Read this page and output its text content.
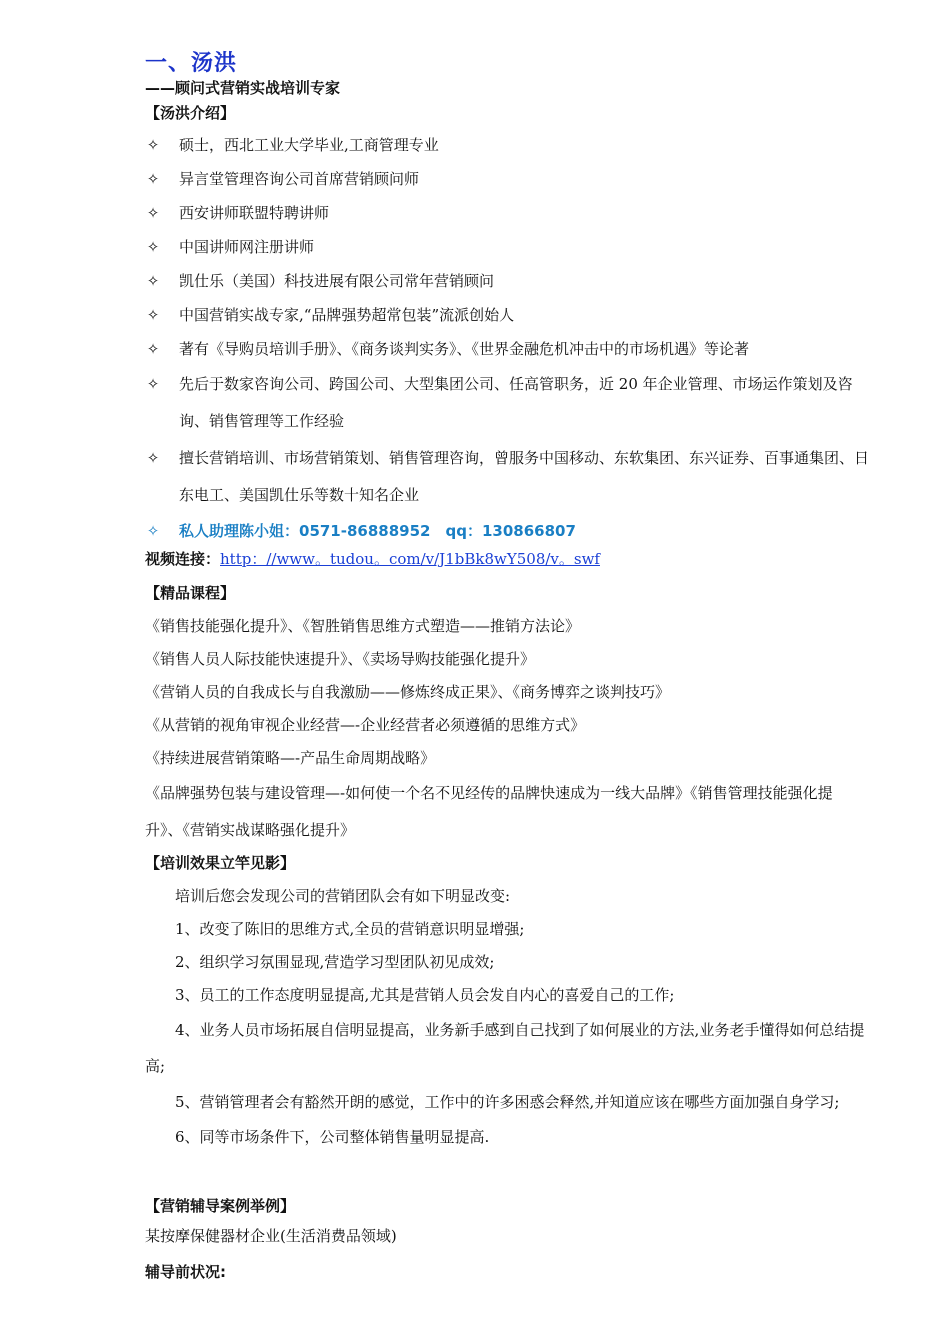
一、汤洪
——顾问式营销实战培训专家
【汤洪介绍】
✧ 硕士，西北工业大学毕业,工商管理专业
✧ 异言堂管理咨询公司首席营销顾问师
✧ 西安讲师联盟特聘讲师
✧ 中国讲师网注册讲师
✧ 凯仕乐（美国）科技进展有限公司常年营销顾问
✧ 中国营销实战专家,“品牌强势超常包装”流派创始人
✧ 著有《导购员培训手册》、《商务谈判实务》、《世界金融危机冲击中的市场机遇》等论著
✧ 先后于数家咨询公司、跨国公司、大型集团公司、任高管职务，近 20 年企业管理、市场运作策划及咨询、销售管理等工作经验
✧ 擅长营销培训、市场营销策划、销售管理咨询，曾服务中国移动、东软集团、东兴证券、百事通集团、日东电工、美国凯仕乐等数十知名企业
✧ 私人助理陈小姐：0571-86888952　qq：130866807
视频连接：http：//www。tudou。com/v/J1bBk8wY508/v。swf
【精品课程】
《销售技能强化提升》、《智胜销售思维方式塑造——推销方法论》
《销售人员人际技能快速提升》、《卖场导购技能强化提升》
《营销人员的自我成长与自我激励——修炼终成正果》、《商务博弈之谈判技巧》
《从营销的视角审视企业经营—-企业经营者必须遵循的思维方式》
《持续进展营销策略—-产品生命周期战略》
《品牌强势包装与建设管理—-如何使一个名不见经传的品牌快速成为一线大品牌》《销售管理技能强化提升》、《营销实战谋略强化提升》
【培训效果立竿见影】
培训后您会发现公司的营销团队会有如下明显改变:
1、改变了陈旧的思维方式,全员的营销意识明显增强;
2、组织学习氛围显现,营造学习型团队初见成效;
3、员工的工作态度明显提高,尤其是营销人员会发自内心的喜爱自己的工作;
4、业务人员市场拓展自信明显提高，业务新手感到自己找到了如何展业的方法,业务老手懂得如何总结提高;
5、营销管理者会有豁然开朗的感觉，工作中的许多困惑会释然,并知道应该在哪些方面加强自身学习;
6、同等市场条件下，公司整体销售量明显提高.
【营销辅导案例举例】
某按摩保健器材企业(生活消费品领域)
辅导前状况:
